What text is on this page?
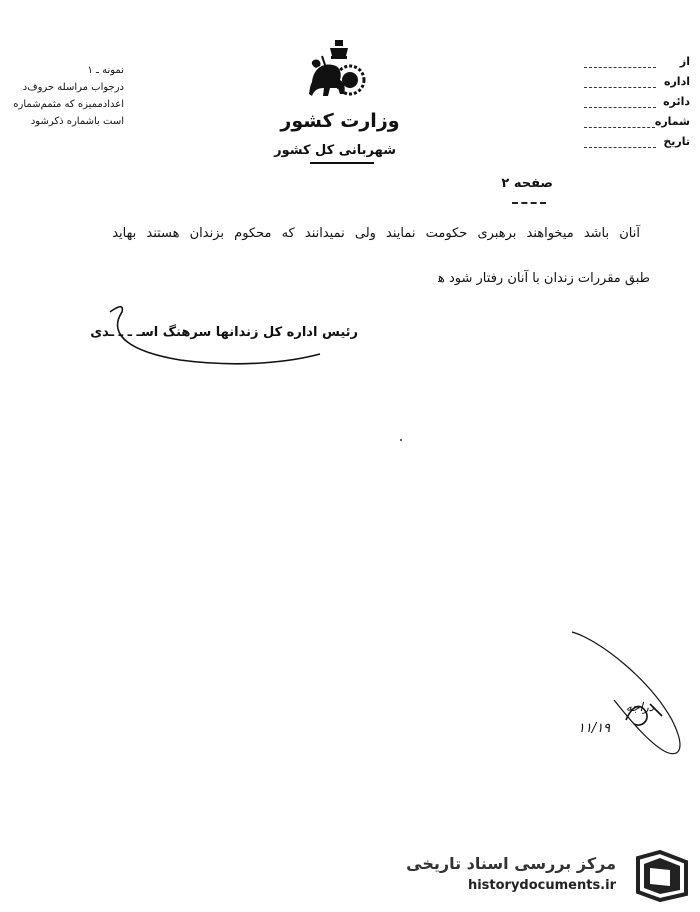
نمونه ـ ۱
درجواب مراسله حروف‌د
اعدادممیزه که مثمم‌شماره
است باشماره ذکرشود	وزارت کشور
شهربانی کل کشور
از
اداره
دائره
شماره
تاریخ
صفحه ۲
آنان باشد میخواهند برهبری حکومت نمایند ولی نمیدانند که محکوم بزندان هستند بهاید
طبق مقررات زندان با آنان رفتار شود ه‍
رئیس اداره کل زندانها سرهنگ اسـ ـ ـ ـدی
دراجه
۱۱/۱۹
مرکز بررسی اسناد تاریخی
historydocuments.ir
